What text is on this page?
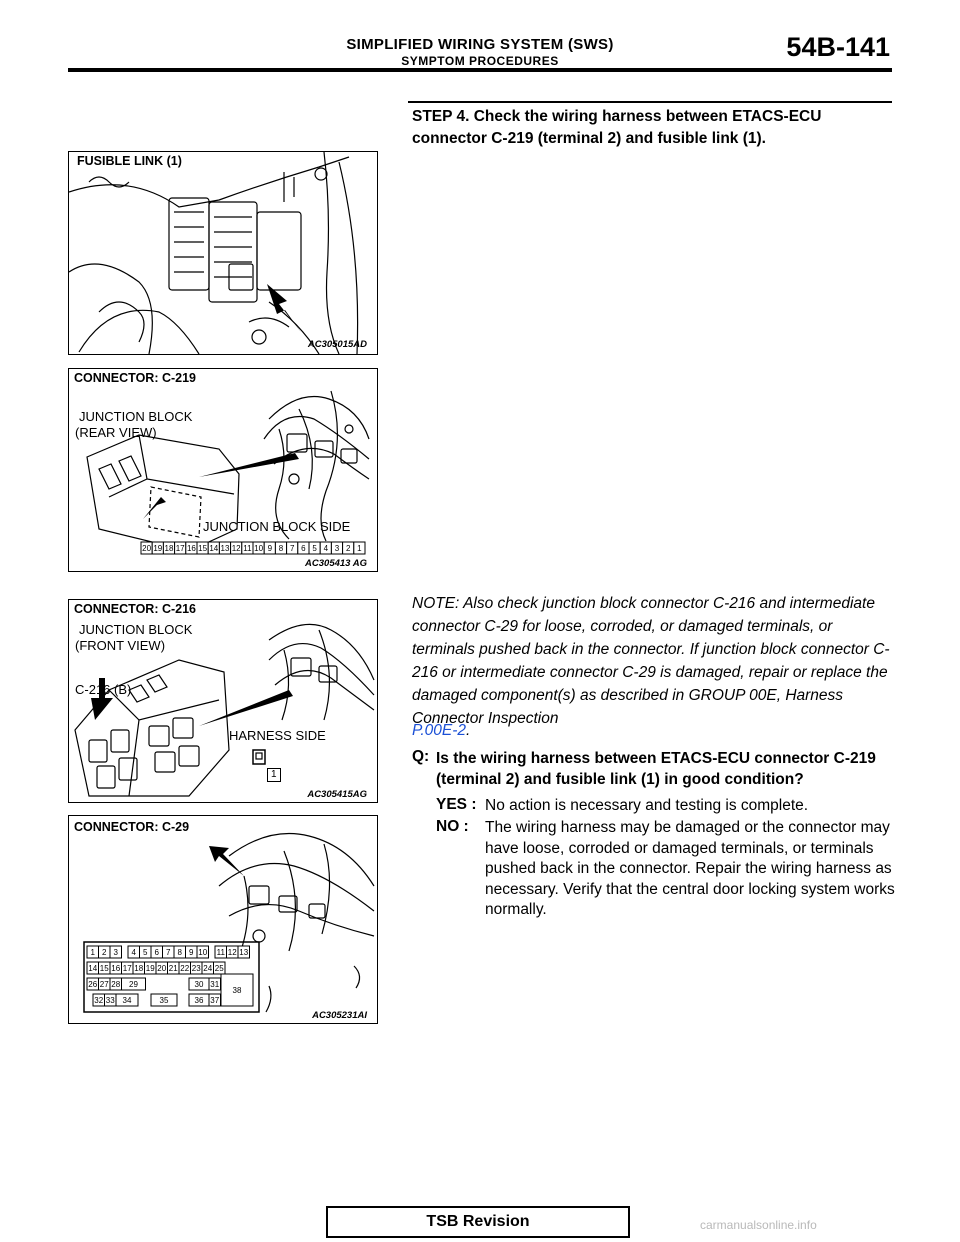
SIMPLIFIED WIRING SYSTEM (SWS)
SYMPTOM PROCEDURES	54B-141
STEP 4. Check the wiring harness between ETACS-ECU connector C-219 (terminal 2) and fusible link (1).
FUSIBLE LINK (1)
AC305015AD
20 19 18 17 16 15 14 13 12 11 10 9 8 7 6 5 4 3 2 1
CONNECTOR: C-219
JUNCTION BLOCK
(REAR VIEW)
JUNCTION BLOCK SIDE
AC305413 AG
CONNECTOR: C-216
JUNCTION BLOCK
(FRONT VIEW)
C-216 (B)
HARNESS SIDE
1
AC305415AG
1 2 3 4 5 6 7 8 9 10 11 12 13
14 15 16 17 18 19 20 21 22 23 24 25
26 27 28 29	30 31
32 33 34	35	36 37
38
CONNECTOR: C-29
AC305231AI
NOTE: Also check junction block connector C-216 and intermediate connector C-29 for loose, corroded, or damaged terminals, or terminals pushed back in the connector. If junction block connector C-216 or intermediate connector C-29 is damaged, repair or replace the damaged component(s) as described in GROUP 00E, Harness Connector Inspection
P.00E-2.
Q: Is the wiring harness between ETACS-ECU connector C-219 (terminal 2) and fusible link (1) in good condition?
YES : No action is necessary and testing is complete.
NO : The wiring harness may be damaged or the connector may have loose, corroded or damaged terminals, or terminals pushed back in the connector. Repair the wiring harness as necessary. Verify that the central door locking system works normally.
TSB Revision	carmanualsonline.info
